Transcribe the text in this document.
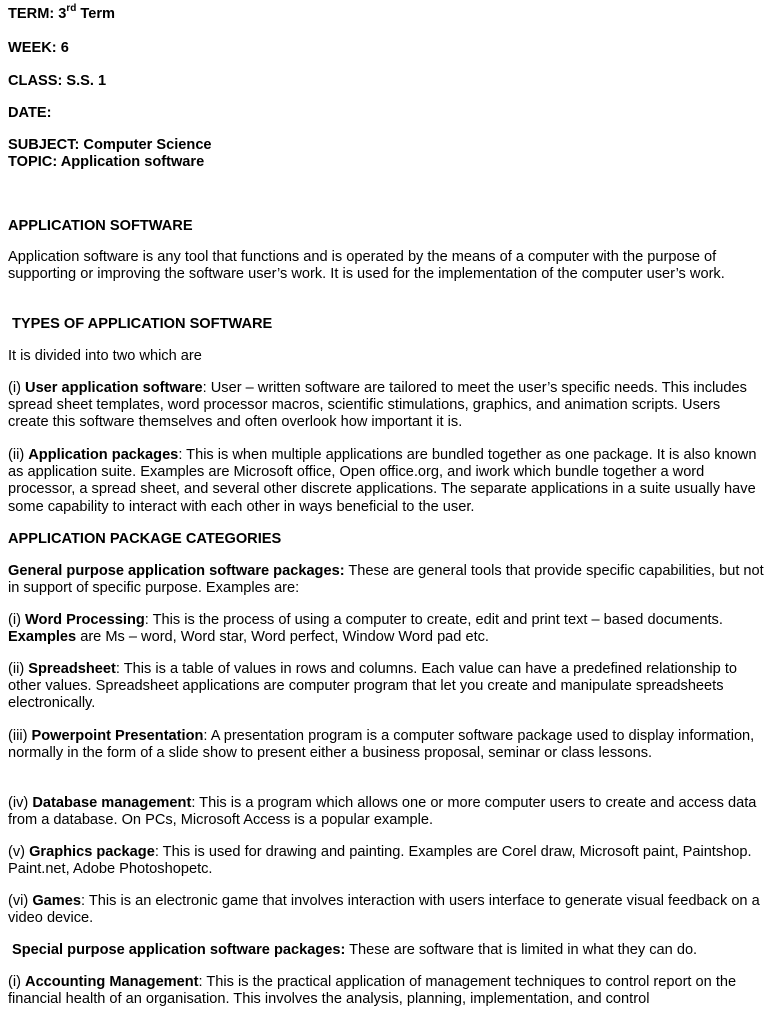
TERM: 3rd Term

WEEK: 6

CLASS: S.S. 1

DATE:

SUBJECT: Computer Science

TOPIC: Application software

APPLICATION SOFTWARE

Application software is any tool that functions and is operated by the means of a computer with the purpose of supporting or improving the software user’s work. It is used for the implementation of the computer user’s work.

TYPES OF APPLICATION SOFTWARE

It is divided into two which are

(i) User application software: User – written software are tailored to meet the user’s specific needs. This includes spread sheet templates, word processor macros, scientific stimulations, graphics, and animation scripts. Users create this software themselves and often overlook how important it is.

(ii) Application packages: This is when multiple applications are bundled together as one package. It is also known as application suite. Examples are Microsoft office, Open office.org, and iwork which bundle together a word processor, a spread sheet, and several other discrete applications. The separate applications in a suite usually have some capability to interact with each other in ways beneficial to the user.

APPLICATION PACKAGE CATEGORIES

General purpose application software packages: These are general tools that provide specific capabilities, but not in support of specific purpose. Examples are:

(i) Word Processing: This is the process of using a computer to create, edit and print text – based documents. Examples are Ms – word, Word star, Word perfect, Window Word pad etc.

(ii) Spreadsheet: This is a table of values in rows and columns. Each value can have a predefined relationship to other values. Spreadsheet applications are computer program that let you create and manipulate spreadsheets electronically.

(iii) Powerpoint Presentation: A presentation program is a computer software package used to display information, normally in the form of a slide show to present either a business proposal, seminar or class lessons.

(iv) Database management: This is a program which allows one or more computer users to create and access data from a database. On PCs, Microsoft Access is a popular example.

(v) Graphics package: This is used for drawing and painting. Examples are Corel draw, Microsoft paint, Paintshop. Paint.net, Adobe Photoshopetc.

(vi) Games: This is an electronic game that involves interaction with users interface to generate visual feedback on a video device.

Special purpose application software packages: These are software that is limited in what they can do.

(i) Accounting Management: This is the practical application of management techniques to control report on the financial health of an organisation. This involves the analysis, planning, implementation, and control
